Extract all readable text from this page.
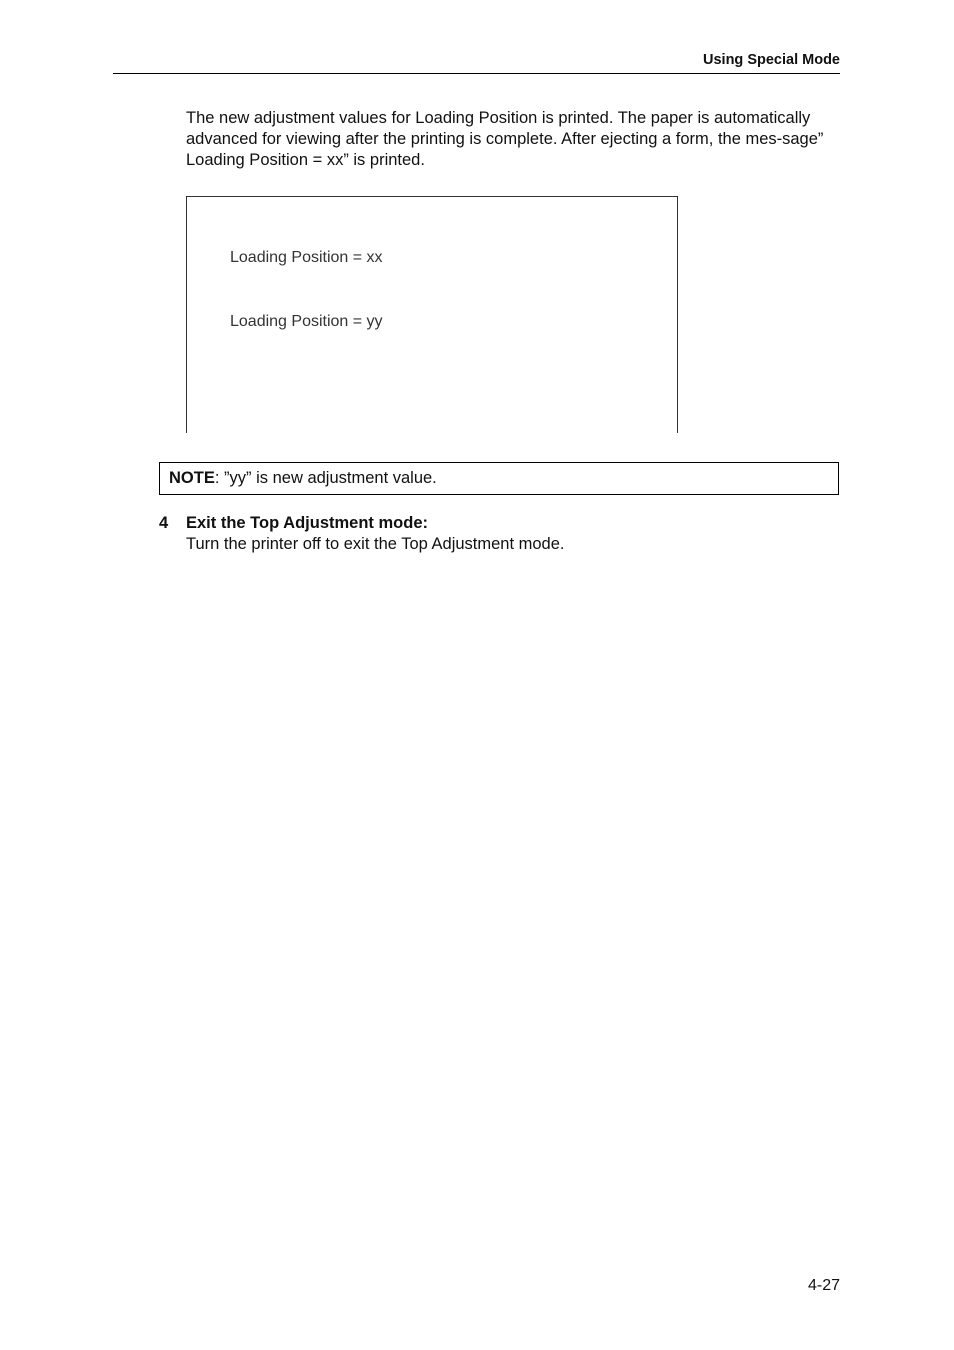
Using Special Mode

The new adjustment values for Loading Position is printed. The paper is automatically advanced for viewing after the printing is complete. After ejecting a form, the mes-sage” Loading Position = xx” is printed.

Loading Position = xx
Loading Position = yy
NOTE: ”yy” is new adjustment value.
4 Exit the Top Adjustment mode:
Turn the printer off to exit the Top Adjustment mode.
4-27
